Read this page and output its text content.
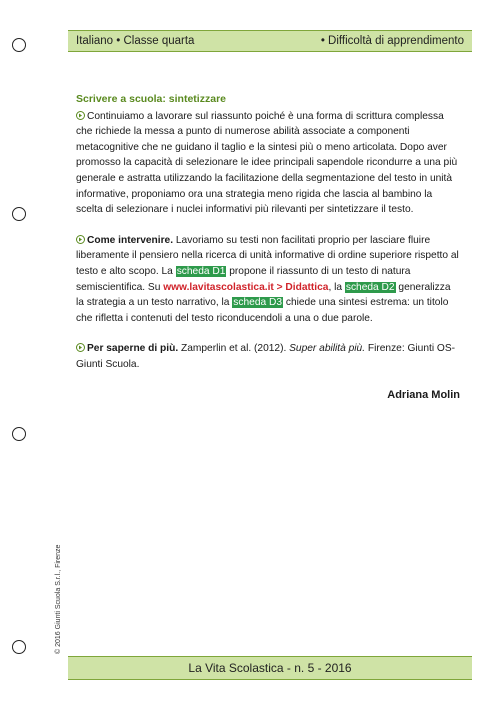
Italiano • Classe quarta	• Difficoltà di apprendimento
Scrivere a scuola: sintetizzare

Continuiamo a lavorare sul riassunto poiché è una forma di scrittura complessa che richiede la messa a punto di numerose abilità associate a componenti metacognitive che ne guidano il taglio e la sintesi più o meno articolata. Dopo aver promosso la capacità di selezionare le idee principali sapendole ricondurre a una più generale e astratta utilizzando la facilitazione della segmentazione del testo in unità informative, proponiamo ora una strategia meno rigida che lascia al bambino la scelta di selezionare i nuclei informativi più rilevanti per sintetizzare il testo.

Come intervenire. Lavoriamo su testi non facilitati proprio per lasciare fluire liberamente il pensiero nella ricerca di unità informative di ordine superiore rispetto al testo e alto scopo. La scheda D1 propone il riassunto di un testo di natura semiscientifica. Su www.lavitascolastica.it > Didattica, la scheda D2 generalizza la strategia a un testo narrativo, la scheda D3 chiede una sintesi estrema: un titolo che rifletta i contenuti del testo riconducendoli a una o due parole.

Per saperne di più. Zamperlin et al. (2012). Super abilità più. Firenze: Giunti OS-Giunti Scuola.

Adriana Molin
© 2016 Giunti Scuola S.r.l., Firenze
La Vita Scolastica - n. 5 - 2016
